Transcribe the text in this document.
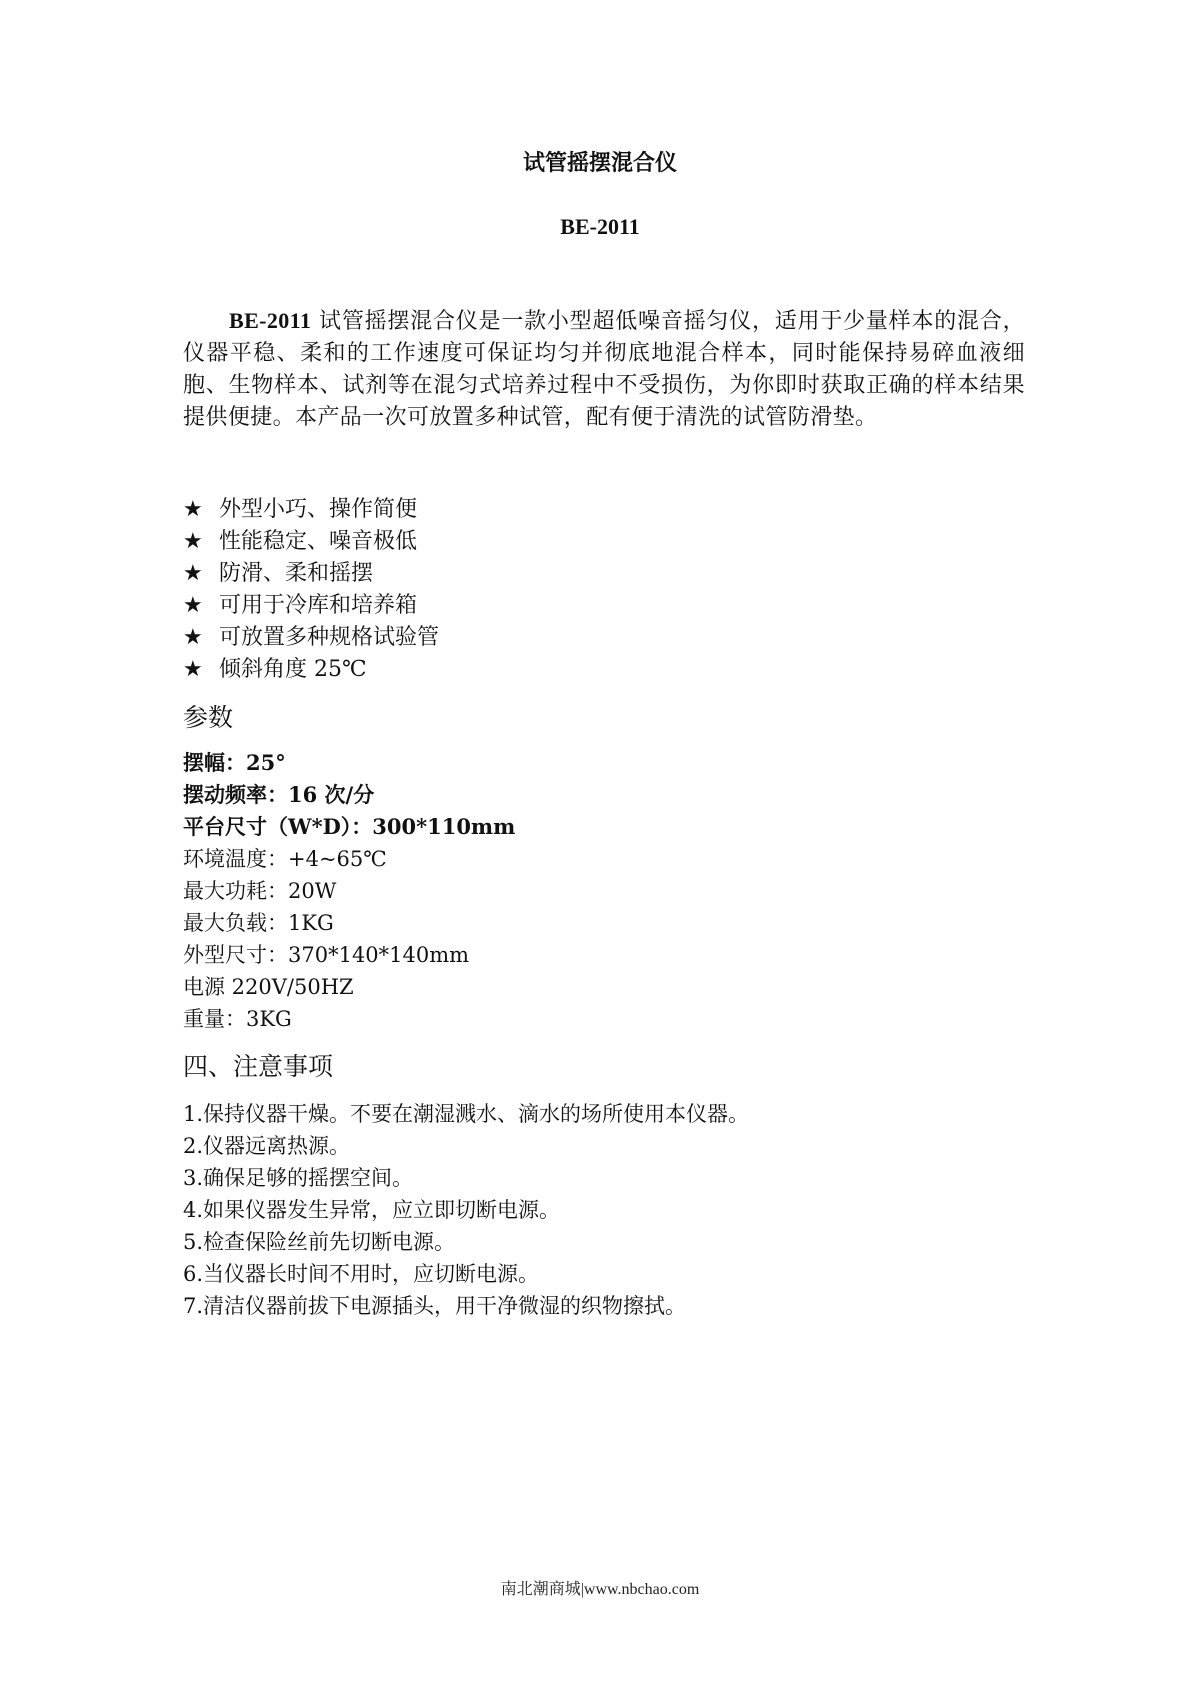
试管摇摆混合仪
BE-2011
BE-2011 试管摇摆混合仪是一款小型超低噪音摇匀仪，适用于少量样本的混合，仪器平稳、柔和的工作速度可保证均匀并彻底地混合样本，同时能保持易碎血液细胞、生物样本、试剂等在混匀式培养过程中不受损伤，为你即时获取正确的样本结果提供便捷。本产品一次可放置多种试管，配有便于清洗的试管防滑垫。
★ 外型小巧、操作简便
★ 性能稳定、噪音极低
★ 防滑、柔和摇摆
★ 可用于冷库和培养箱
★ 可放置多种规格试验管
★ 倾斜角度 25℃
参数
摆幅：25°
摆动频率：16 次/分
平台尺寸（W*D）：300*110mm
环境温度：+4~65℃
最大功耗：20W
最大负载：1KG
外型尺寸：370*140*140mm
电源 220V/50HZ
重量：3KG
四、注意事项
1.保持仪器干燥。不要在潮湿溅水、滴水的场所使用本仪器。
2.仪器远离热源。
3.确保足够的摇摆空间。
4.如果仪器发生异常，应立即切断电源。
5.检查保险丝前先切断电源。
6.当仪器长时间不用时，应切断电源。
7.清洁仪器前拔下电源插头，用干净微湿的织物擦拭。
南北潮商城|www.nbchao.com
